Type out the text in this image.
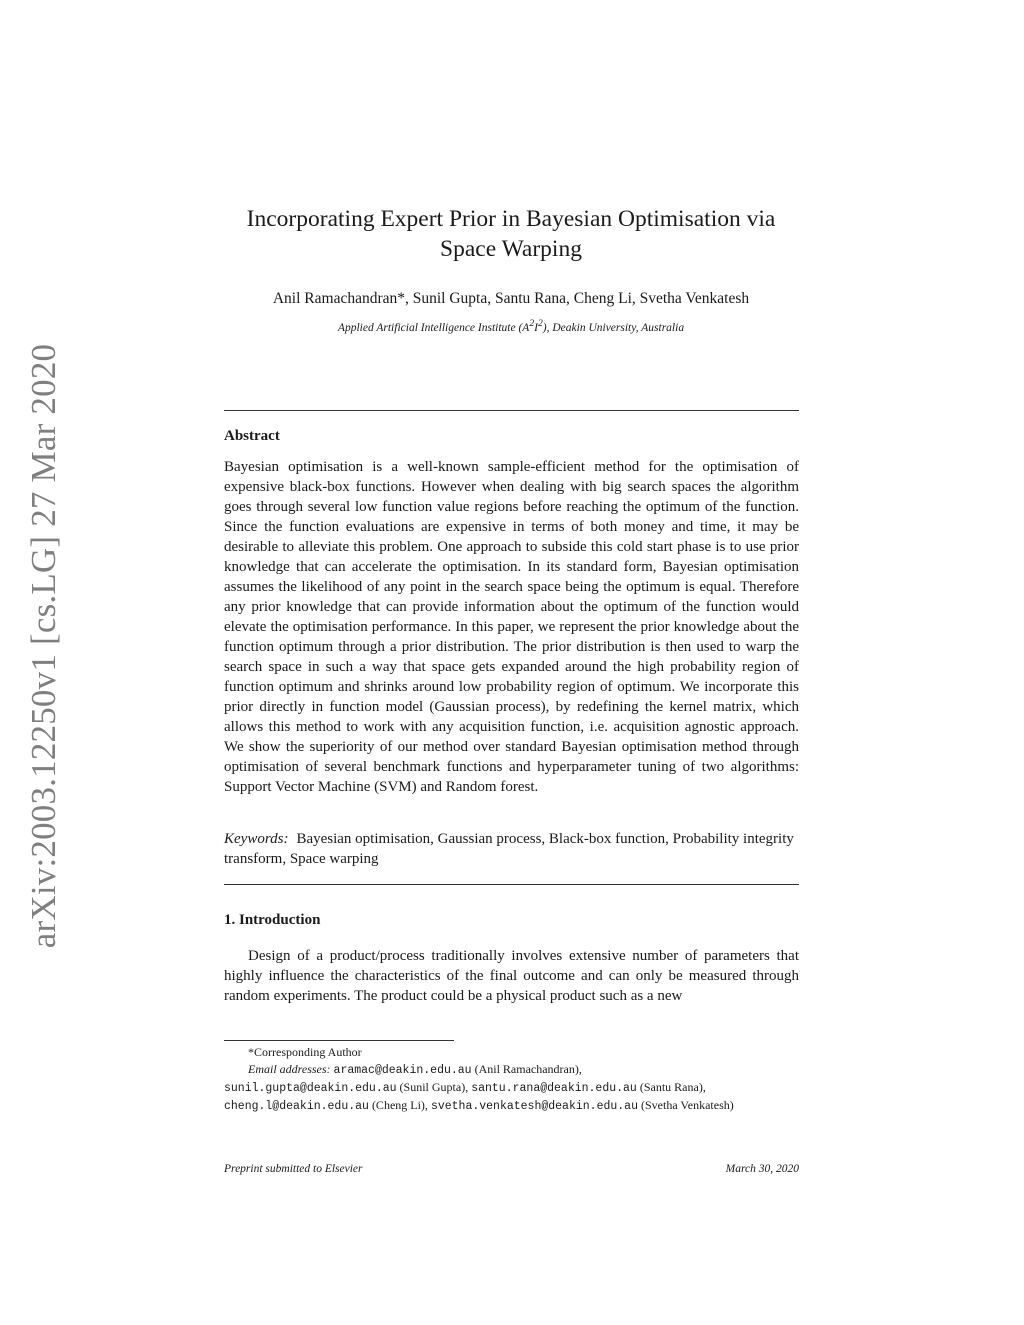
arXiv:2003.12250v1 [cs.LG] 27 Mar 2020
Incorporating Expert Prior in Bayesian Optimisation via
Space Warping
Anil Ramachandran*, Sunil Gupta, Santu Rana, Cheng Li, Svetha Venkatesh
Applied Artificial Intelligence Institute $(A^2I^2)$, Deakin University, Australia
Abstract
Bayesian optimisation is a well-known sample-efficient method for the optimisation of expensive black-box functions. However when dealing with big search spaces the algorithm goes through several low function value regions before reaching the optimum of the function. Since the function evaluations are expensive in terms of both money and time, it may be desirable to alleviate this problem. One approach to subside this cold start phase is to use prior knowledge that can accelerate the optimisation. In its standard form, Bayesian optimisation assumes the likelihood of any point in the search space being the optimum is equal. Therefore any prior knowledge that can provide information about the optimum of the function would elevate the optimisation performance. In this paper, we represent the prior knowledge about the function optimum through a prior distribution. The prior distribution is then used to warp the search space in such a way that space gets expanded around the high probability region of function optimum and shrinks around low probability region of optimum. We incorporate this prior directly in function model (Gaussian process), by redefining the kernel matrix, which allows this method to work with any acquisition function, i.e. acquisition agnostic approach. We show the superiority of our method over standard Bayesian optimisation method through optimisation of several benchmark functions and hyperparameter tuning of two algorithms: Support Vector Machine (SVM) and Random forest.
Keywords: Bayesian optimisation, Gaussian process, Black-box function, Probability integrity transform, Space warping
1. Introduction
Design of a product/process traditionally involves extensive number of parameters that highly influence the characteristics of the final outcome and can only be measured through random experiments. The product could be a physical product such as a new
*Corresponding Author
Email addresses: aramac@deakin.edu.au (Anil Ramachandran),
sunil.gupta@deakin.edu.au (Sunil Gupta), santu.rana@deakin.edu.au (Santu Rana),
cheng.l@deakin.edu.au (Cheng Li), svetha.venkatesh@deakin.edu.au (Svetha Venkatesh)
Preprint submitted to Elsevier	March 30, 2020
